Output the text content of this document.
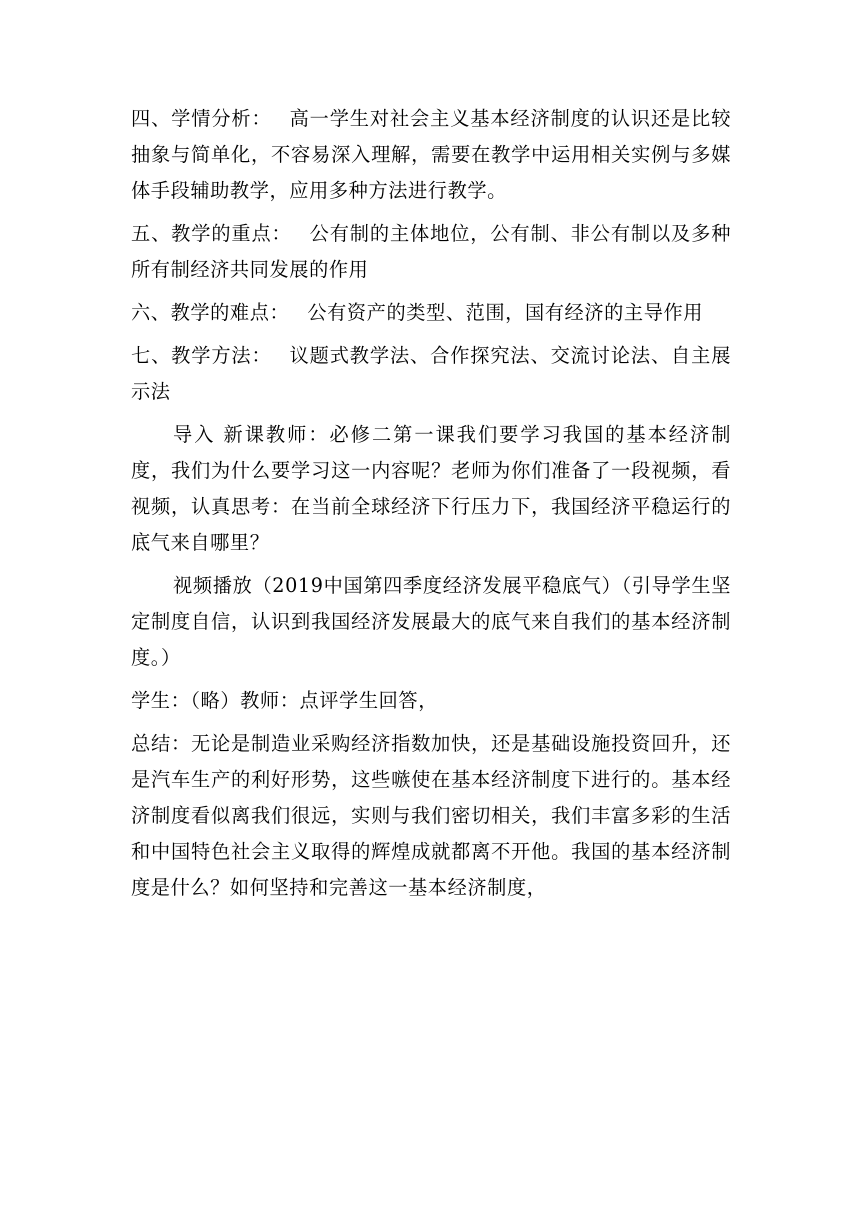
四、学情分析： 高一学生对社会主义基本经济制度的认识还是比较抽象与简单化，不容易深入理解，需要在教学中运用相关实例与多媒体手段辅助教学，应用多种方法进行教学。

五、教学的重点： 公有制的主体地位，公有制、非公有制以及多种所有制经济共同发展的作用

六、教学的难点： 公有资产的类型、范围，国有经济的主导作用

七、教学方法： 议题式教学法、合作探究法、交流讨论法、自主展示法

导入 新课教师：必修二第一课我们要学习我国的基本经济制度，我们为什么要学习这一内容呢？老师为你们准备了一段视频，看视频，认真思考：在当前全球经济下行压力下，我国经济平稳运行的底气来自哪里？

视频播放（2019中国第四季度经济发展平稳底气）（引导学生坚定制度自信，认识到我国经济发展最大的底气来自我们的基本经济制度。）

学生：（略）教师：点评学生回答，

总结：无论是制造业采购经济指数加快，还是基础设施投资回升，还是汽车生产的利好形势，这些嗾使在基本经济制度下进行的。基本经济制度看似离我们很远，实则与我们密切相关，我们丰富多彩的生活和中国特色社会主义取得的辉煌成就都离不开他。我国的基本经济制度是什么？如何坚持和完善这一基本经济制度，
